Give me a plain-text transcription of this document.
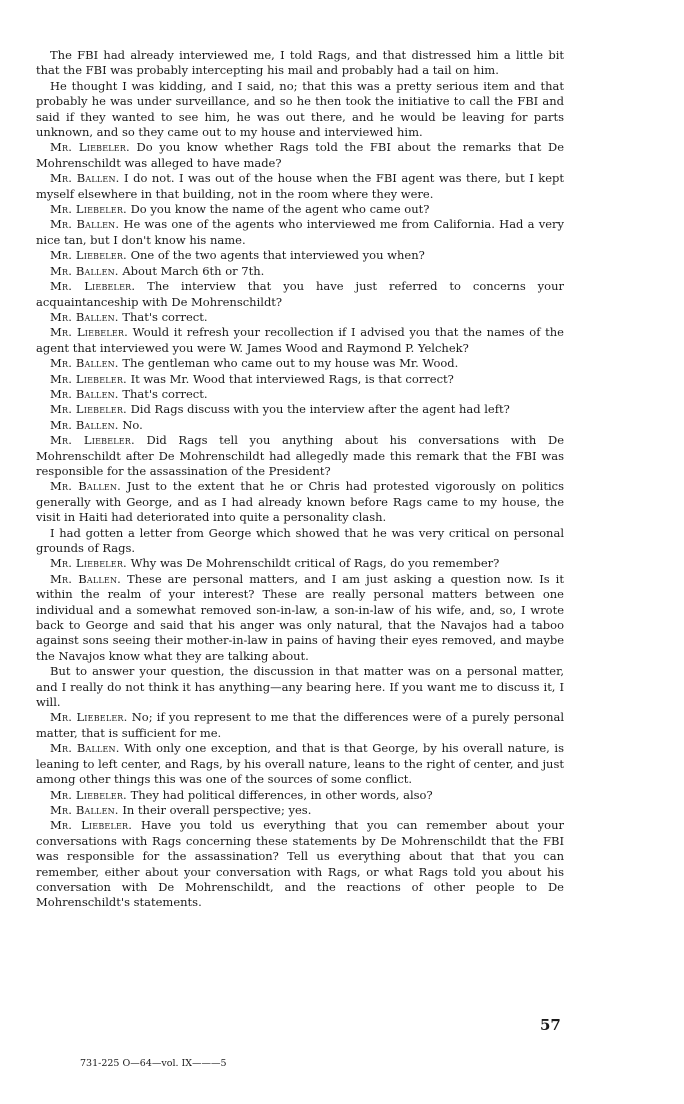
The FBI had already interviewed me, I told Rags, and that distressed him a little bit that the FBI was probably intercepting his mail and probably had a tail on him.

He thought I was kidding, and I said, no; that this was a pretty serious item and that probably he was under surveillance, and so he then took the initiative to call the FBI and said if they wanted to see him, he was out there, and he would be leaving for parts unknown, and so they came out to my house and interviewed him.

Mr. Liebeler. Do you know whether Rags told the FBI about the remarks that De Mohrenschildt was alleged to have made?

Mr. Ballen. I do not. I was out of the house when the FBI agent was there, but I kept myself elsewhere in that building, not in the room where they were.

Mr. Liebeler. Do you know the name of the agent who came out?

Mr. Ballen. He was one of the agents who interviewed me from California. Had a very nice tan, but I don't know his name.

Mr. Liebeler. One of the two agents that interviewed you when?

Mr. Ballen. About March 6th or 7th.

Mr. Liebeler. The interview that you have just referred to concerns your acquaintanceship with De Mohrenschildt?

Mr. Ballen. That's correct.

Mr. Liebeler. Would it refresh your recollection if I advised you that the names of the agent that interviewed you were W. James Wood and Raymond P. Yelchek?

Mr. Ballen. The gentleman who came out to my house was Mr. Wood.

Mr. Liebeler. It was Mr. Wood that interviewed Rags, is that correct?

Mr. Ballen. That's correct.

Mr. Liebeler. Did Rags discuss with you the interview after the agent had left?

Mr. Ballen. No.

Mr. Liebeler. Did Rags tell you anything about his conversations with De Mohrenschildt after De Mohrenschildt had allegedly made this remark that the FBI was responsible for the assassination of the President?

Mr. Ballen. Just to the extent that he or Chris had protested vigorously on politics generally with George, and as I had already known before Rags came to my house, the visit in Haiti had deteriorated into quite a personality clash.

I had gotten a letter from George which showed that he was very critical on personal grounds of Rags.

Mr. Liebeler. Why was De Mohrenschildt critical of Rags, do you remember?

Mr. Ballen. These are personal matters, and I am just asking a question now. Is it within the realm of your interest? These are really personal matters between one individual and a somewhat removed son-in-law, a son-in-law of his wife, and, so, I wrote back to George and said that his anger was only natural, that the Navajos had a taboo against sons seeing their mother-in-law in pains of having their eyes removed, and maybe the Navajos know what they are talking about.

But to answer your question, the discussion in that matter was on a personal matter, and I really do not think it has anything—any bearing here. If you want me to discuss it, I will.

Mr. Liebeler. No; if you represent to me that the differences were of a purely personal matter, that is sufficient for me.

Mr. Ballen. With only one exception, and that is that George, by his overall nature, is leaning to left center, and Rags, by his overall nature, leans to the right of center, and just among other things this was one of the sources of some conflict.

Mr. Liebeler. They had political differences, in other words, also?

Mr. Ballen. In their overall perspective; yes.

Mr. Liebeler. Have you told us everything that you can remember about your conversations with Rags concerning these statements by De Mohrenschildt that the FBI was responsible for the assassination? Tell us everything about that that you can remember, either about your conversation with Rags, or what Rags told you about his conversation with De Mohrenschildt, and the reactions of other people to De Mohrenschildt's statements.

57
731-225 O—64—vol. IX———5
